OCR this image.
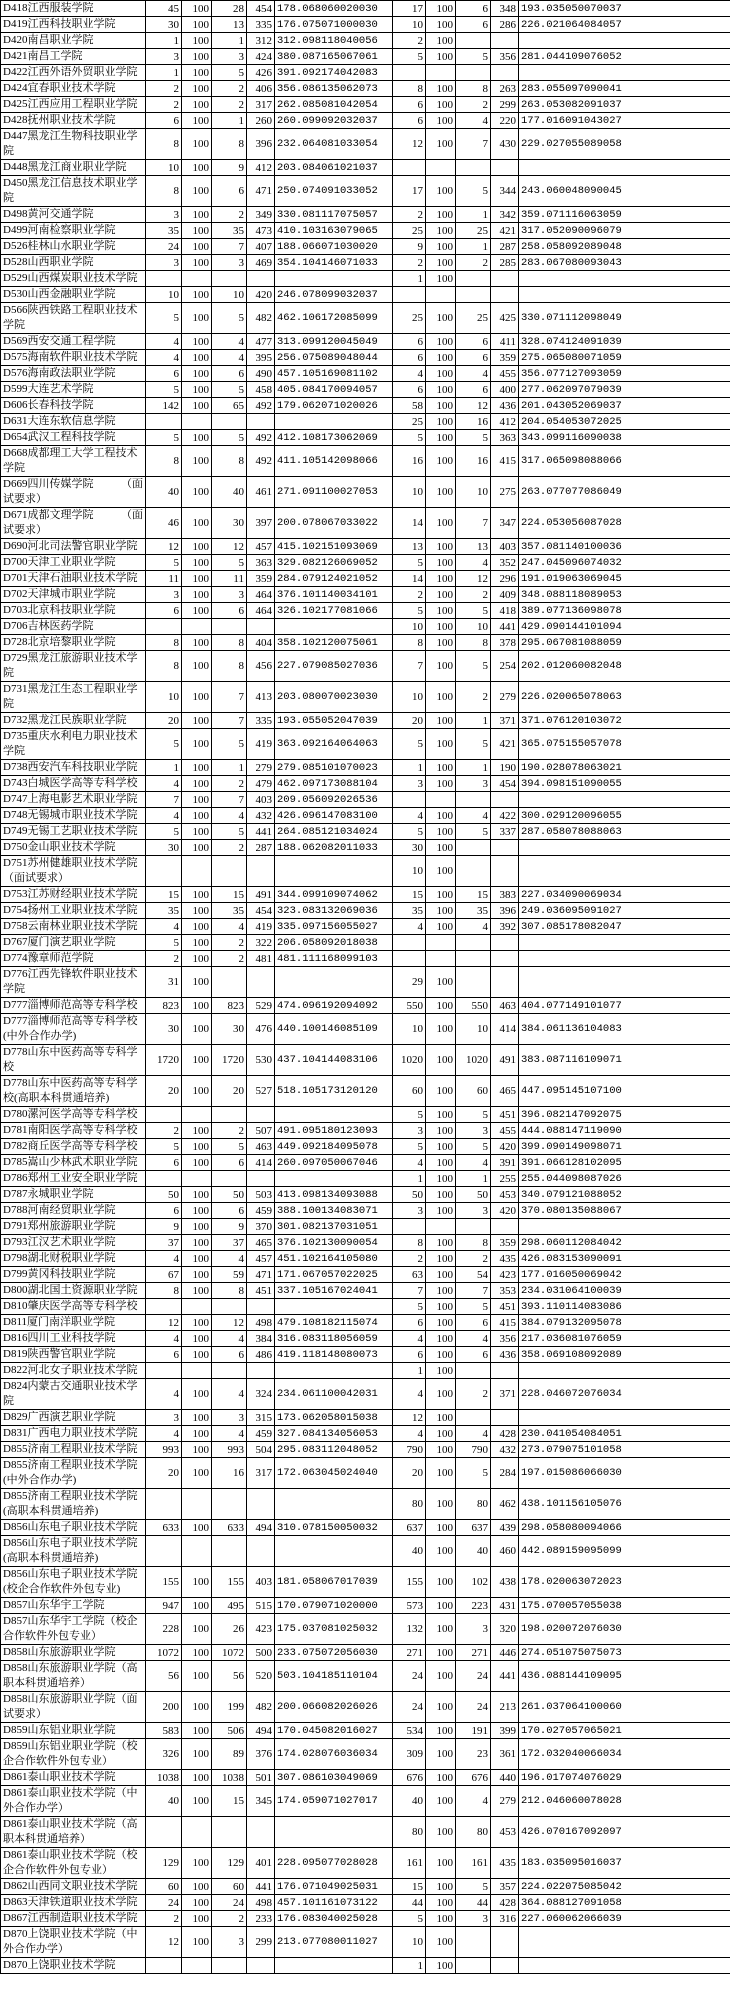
D418江西服装学院	45	100	28	454	178.068060020030	17	100	6	348	193.035050070037
D419江西科技职业学院	30	100	13	335	176.075071000030	10	100	6	286	226.021064084057
D420南昌职业学院	1	100	1	312	312.098118040056	2	100			
D421南昌工学院	3	100	3	424	380.087165067061	5	100	5	356	281.044109076052
D422江西外语外贸职业学院	1	100	5	426	391.092174042083					
D424宜春职业技术学院	2	100	2	406	356.086135062073	8	100	8	263	283.055097090041
D425江西应用工程职业学院	2	100	2	317	262.085081042054	6	100	2	299	263.053082091037
D428抚州职业技术学院	6	100	1	260	260.099092032037	6	100	4	220	177.016091043027
D447黑龙江生物科技职业学院	8	100	8	396	232.064081033054	12	100	7	430	229.027055089058
D448黑龙江商业职业学院	10	100	9	412	203.084061021037					
D450黑龙江信息技术职业学院	8	100	6	471	250.074091033052	17	100	5	344	243.060048090045
D498黄河交通学院	3	100	2	349	330.081117075057	2	100	1	342	359.071116063059
D499河南检察职业学院	35	100	35	473	410.103163079065	25	100	25	421	317.052090096079
D526桂林山水职业学院	24	100	7	407	188.066071030020	9	100	1	287	258.058092089048
D528山西职业学院	3	100	3	469	354.104146071033	2	100	2	285	283.067080093043
D529山西煤炭职业技术学院						1	100			
D530山西金融职业学院	10	100	10	420	246.078099032037					
D566陕西铁路工程职业技术学院	5	100	5	482	462.106172085099	25	100	25	425	330.071112098049
D569西安交通工程学院	4	100	4	477	313.099120045049	6	100	6	411	328.074124091039
D575海南软件职业技术学院	4	100	4	395	256.075089048044	6	100	6	359	275.065080071059
D576海南政法职业学院	6	100	6	490	457.105169081102	4	100	4	455	356.077127093059
D599大连艺术学院	5	100	5	458	405.084170094057	6	100	6	400	277.062097079039
D606长春科技学院	142	100	65	492	179.062071020026	58	100	12	436	201.043052069037
D631大连东软信息学院						25	100	16	412	204.054053072025
D654武汉工程科技学院	5	100	5	492	412.108173062069	5	100	5	363	343.099116090038
D668成都理工大学工程技术学院	8	100	8	492	411.105142098066	16	100	16	415	317.065098088066
D669四川传媒学院　　　（面试要求）	40	100	40	461	271.091100027053	10	100	10	275	263.077077086049
D671成都文理学院　　　（面试要求）	46	100	30	397	200.078067033022	14	100	7	347	224.053056087028
D690河北司法警官职业学院	12	100	12	457	415.102151093069	13	100	13	403	357.081140100036
D700天津工业职业学院	5	100	5	363	329.082126069052	5	100	4	352	247.045096074032
D701天津石油职业技术学院	11	100	11	359	284.079124021052	14	100	12	296	191.019063069045
D702天津城市职业学院	3	100	3	464	376.101140034101	2	100	2	409	348.088118089053
D703北京科技职业学院	6	100	6	464	326.102177081066	5	100	5	418	389.077136098078
D706吉林医药学院						10	100	10	441	429.090144101094
D728北京培黎职业学院	8	100	8	404	358.102120075061	8	100	8	378	295.067081088059
D729黑龙江旅游职业技术学院	8	100	8	456	227.079085027036	7	100	5	254	202.012060082048
D731黑龙江生态工程职业学院	10	100	7	413	203.080070023030	10	100	2	279	226.020065078063
D732黑龙江民族职业学院	20	100	7	335	193.055052047039	20	100	1	371	371.076120103072
D735重庆水利电力职业技术学院	5	100	5	419	363.092164064063	5	100	5	421	365.075155057078
D738西安汽车科技职业学院	1	100	1	279	279.085101070023	1	100	1	190	190.028078063021
D743白城医学高等专科学校	4	100	2	479	462.097173088104	3	100	3	454	394.098151090055
D747上海电影艺术职业学院	7	100	7	403	209.056092026536					
D748无锡城市职业技术学院	4	100	4	432	426.096147083100	4	100	4	422	300.029120096055
D749无锡工艺职业技术学院	5	100	5	441	264.085121034024	5	100	5	337	287.058078088063
D750金山职业技术学院	30	100	2	287	188.062082011033	30	100			
D751苏州健雄职业技术学院（面试要求）						10	100			
D753江苏财经职业技术学院	15	100	15	491	344.099109074062	15	100	15	383	227.034090069034
D754扬州工业职业技术学院	35	100	35	454	323.083132069036	35	100	35	396	249.036095091027
D758云南林业职业技术学院	4	100	4	419	335.097156055027	4	100	4	392	307.085178082047
D767厦门演艺职业学院	5	100	2	322	206.058092018038					
D774豫章师范学院	2	100	2	481	481.111168099103					
D776江西先锋软件职业技术学院	31	100				29	100			
D777淄博师范高等专科学校	823	100	823	529	474.096192094092	550	100	550	463	404.077149101077
D777淄博师范高等专科学校(中外合作办学)	30	100	30	476	440.100146085109	10	100	10	414	384.061136104083
D778山东中医药高等专科学校	1720	100	1720	530	437.104144083106	1020	100	1020	491	383.087116109071
D778山东中医药高等专科学校(高职本科贯通培养)	20	100	20	527	518.105173120120	60	100	60	465	447.095145107100
D780漯河医学高等专科学校						5	100	5	451	396.082147092075
D781南阳医学高等专科学校	2	100	2	507	491.095180123093	3	100	3	455	444.088147119090
D782商丘医学高等专科学校	5	100	5	463	449.092184095078	5	100	5	420	399.090149098071
D785嵩山少林武术职业学院	6	100	6	414	260.097050067046	4	100	4	391	391.066128102095
D786郑州工业安全职业学院						1	100	1	255	255.044098087026
D787永城职业学院	50	100	50	503	413.098134093088	50	100	50	453	340.079121088052
D788河南经贸职业学院	6	100	6	459	388.100134083071	3	100	3	420	370.080135088067
D791郑州旅游职业学院	9	100	9	370	301.082137031051					
D793江汉艺术职业学院	37	100	37	465	376.102130090054	8	100	8	359	298.060112084042
D798湖北财税职业学院	4	100	4	457	451.102164105080	2	100	2	435	426.083153090091
D799黄冈科技职业学院	67	100	59	471	171.067057022025	63	100	54	423	177.016050069042
D800湖北国土资源职业学院	8	100	8	451	337.105167024041	7	100	7	353	234.031064100039
D810肇庆医学高等专科学校						5	100	5	451	393.110114083086
D811厦门南洋职业学院	12	100	12	498	479.108182115074	6	100	6	415	384.079132095078
D816四川工业科技学院	4	100	4	384	316.083118056059	4	100	4	356	217.036081076059
D819陕西警官职业学院	6	100	6	486	419.118148080073	6	100	6	436	358.069108092089
D822河北女子职业技术学院						1	100			
D824内蒙古交通职业技术学院	4	100	4	324	234.061100042031	4	100	2	371	228.046072076034
D829广西演艺职业学院	3	100	3	315	173.062058015038	12	100			
D831广西电力职业技术学院	4	100	4	459	327.084134056053	4	100	4	428	230.041054084051
D855济南工程职业技术学院	993	100	993	504	295.083112048052	790	100	790	432	273.079075101058
D855济南工程职业技术学院(中外合作办学)	20	100	16	317	172.063045024040	20	100	5	284	197.015086066030
D855济南工程职业技术学院(高职本科贯通培养)						80	100	80	462	438.101156105076
D856山东电子职业技术学院	633	100	633	494	310.078150050032	637	100	637	439	298.058080094066
D856山东电子职业技术学院(高职本科贯通培养)						40	100	40	460	442.089159095099
D856山东电子职业技术学院(校企合作软件外包专业)	155	100	155	403	181.058067017039	155	100	102	438	178.020063072023
D857山东华宇工学院	947	100	495	515	170.079071020000	573	100	223	431	175.070057055038
D857山东华宇工学院（校企合作软件外包专业）	228	100	26	423	175.037081025032	132	100	3	320	198.020072076030
D858山东旅游职业学院	1072	100	1072	500	233.075072056030	271	100	271	446	274.051075075073
D858山东旅游职业学院（高职本科贯通培养）	56	100	56	520	503.104185110104	24	100	24	441	436.088144109095
D858山东旅游职业学院（面试要求）	200	100	199	482	200.066082026026	24	100	24	213	261.037064100060
D859山东铝业职业学院	583	100	506	494	170.045082016027	534	100	191	399	170.027057065021
D859山东铝业职业学院（校企合作软件外包专业）	326	100	89	376	174.028076036034	309	100	23	361	172.032040066034
D861泰山职业技术学院	1038	100	1038	501	307.086103049069	676	100	676	440	196.017074076029
D861泰山职业技术学院（中外合作办学）	40	100	15	345	174.059071027017	40	100	4	279	212.046060078028
D861泰山职业技术学院（高职本科贯通培养）						80	100	80	453	426.070167092097
D861泰山职业技术学院（校企合作软件外包专业）	129	100	129	401	228.095077028028	161	100	161	435	183.035095016037
D862山西同文职业技术学院	60	100	60	441	176.071049025031	15	100	5	357	224.022075085042
D863天津铁道职业技术学院	24	100	24	498	457.101161073122	44	100	44	428	364.088127091058
D867江西制造职业技术学院	2	100	2	233	176.083040025028	5	100	3	316	227.060062066039
D870上饶职业技术学院（中外合作办学）	12	100	3	299	213.077080011027	10	100			
D870上饶职业技术学院						1	100			
